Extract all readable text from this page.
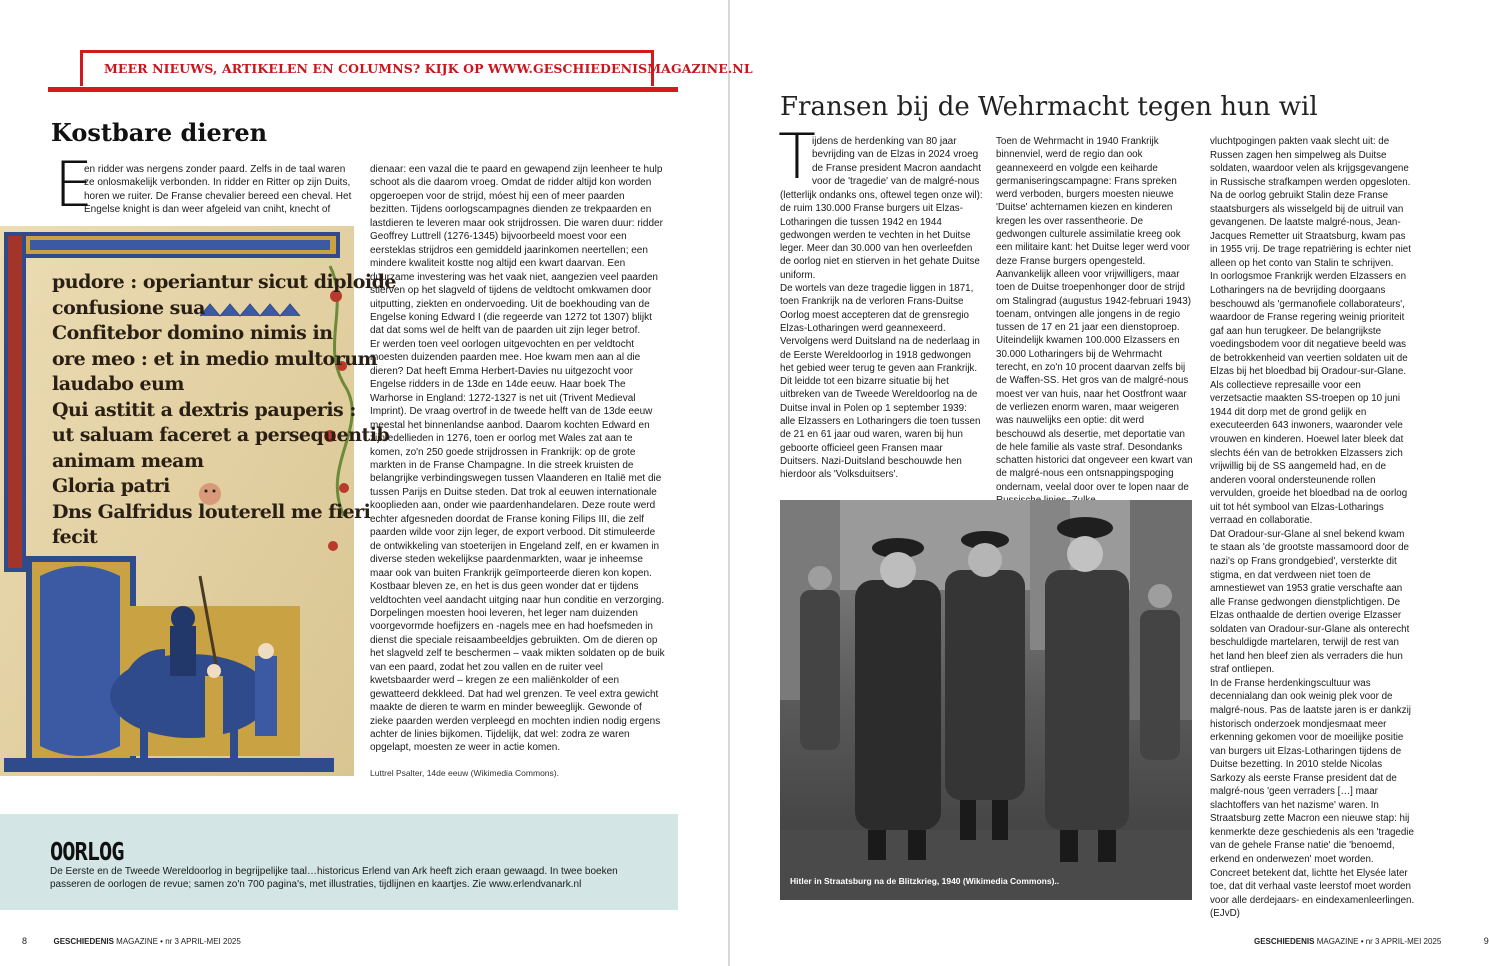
MEER NIEUWS, ARTIKELEN EN COLUMNS? KIJK OP WWW.GESCHIEDENISMAGAZINE.NL
Kostbare dieren
E
en ridder was nergens zonder paard. Zelfs in de taal waren
ze onlosmakelijk verbonden. In ridder en Ritter op zijn Duits,
horen we ruiter. De Franse chevalier bereed een cheval. Het
Engelse knight is dan weer afgeleid van cniht, knecht of

dienaar: een vazal die te paard en gewapend zijn leenheer te hulp schoot als die daarom vroeg. Omdat de ridder altijd kon worden opgeroepen voor de strijd, móest hij een of meer paarden bezitten. Tijdens oorlogscampagnes dienden ze trekpaarden en lastdieren te leveren maar ook strijdrossen. Die waren duur: ridder Geoffrey Luttrell (1276-1345) bijvoorbeeld moest voor een eersteklas strijdros een gemiddeld jaarinkomen neertellen; een mindere kwaliteit kostte nog altijd een kwart daarvan. Een duurzame investering was het vaak niet, aangezien veel paarden stierven op het slagveld of tijdens de veldtocht omkwamen door uitputting, ziekten en ondervoeding. Uit de boekhouding van de Engelse koning Edward I (die regeerde van 1272 tot 1307) blijkt dat dat soms wel de helft van de paarden uit zijn leger betrof.

Er werden toen veel oorlogen uitgevochten en per veldtocht moesten duizenden paarden mee. Hoe kwam men aan al die dieren? Dat heeft Emma Herbert-Davies nu uitgezocht voor Engelse ridders in de 13de en 14de eeuw. Haar boek The Warhorse in England: 1272-1327 is net uit (Trivent Medieval Imprint). De vraag overtrof in de tweede helft van de 13de eeuw meestal het binnenlandse aanbod. Daarom kochten Edward en zijn edellieden in 1276, toen er oorlog met Wales zat aan te komen, zo'n 250 goede strijdrossen in Frankrijk: op de grote markten in de Franse Champagne. In die streek kruisten de belangrijke verbindingswegen tussen Vlaanderen en Italië met die tussen Parijs en Duitse steden. Dat trok al eeuwen internationale kooplieden aan, onder wie paardenhandelaren. Deze route werd echter afgesneden doordat de Franse koning Filips III, die zelf paarden wilde voor zijn leger, de export verbood. Dit stimuleerde de ontwikkeling van stoeterijen in Engeland zelf, en er kwamen in diverse steden wekelijkse paardenmarkten, waar je inheemse maar ook van buiten Frankrijk geïmporteerde dieren kon kopen. Kostbaar bleven ze, en het is dus geen wonder dat er tijdens veldtochten veel aandacht uitging naar hun conditie en verzorging. Dorpelingen moesten hooi leveren, het leger nam duizenden voorgevormde hoefijzers en -nagels mee en had hoefsmeden in dienst die speciale reisaambeeldjes gebruikten. Om de dieren op het slagveld zelf te beschermen – vaak mikten soldaten op de buik van een paard, zodat het zou vallen en de ruiter veel kwetsbaarder werd – kregen ze een maliënkolder of een gewatteerd dekkleed. Dat had wel grenzen. Te veel extra gewicht maakte de dieren te warm en minder beweeglijk. Gewonde of zieke paarden werden verpleegd en mochten indien nodig ergens achter de linies bijkomen. Tijdelijk, dat wel: zodra ze waren opgelapt, moesten ze weer in actie komen.

pudore : operiantur sicut diploide
confusione sua
Confitebor domino nimis in
ore meo : et in medio multorum
laudabo eum
Qui astitit a dextris pauperis :
ut saluam faceret a persequentib
animam meam
Gloria patri
Dns Galfridus louterell me fieri
fecit
Luttrel Psalter, 14de eeuw (Wikimedia Commons).
OORLOG
De Eerste en de Tweede Wereldoorlog in begrijpelijke taal…historicus Erlend van Ark heeft zich eraan gewaagd. In twee boeken
passeren de oorlogen de revue; samen zo'n 700 pagina's, met illustraties, tijdlijnen en kaartjes. Zie www.erlendvanark.nl
8	GESCHIEDENIS MAGAZINE • nr 3 APRIL-MEI 2025
Fransen bij de Wehrmacht tegen hun wil
T
ijdens de herdenking van 80 jaar
bevrijding van de Elzas in 2024 vroeg
de Franse president Macron aandacht
voor de 'tragedie' van de malgré-nous

(letterlijk ondanks ons, oftewel tegen onze wil): de ruim 130.000 Franse burgers uit Elzas-Lotharingen die tussen 1942 en 1944 gedwongen werden te vechten in het Duitse leger. Meer dan 30.000 van hen overleefden de oorlog niet en stierven in het gehate Duitse uniform.

De wortels van deze tragedie liggen in 1871, toen Frankrijk na de verloren Frans-Duitse Oorlog moest accepteren dat de grensregio Elzas-Lotharingen werd geannexeerd. Vervolgens werd Duitsland na de nederlaag in de Eerste Wereldoorlog in 1918 gedwongen het gebied weer terug te geven aan Frankrijk. Dit leidde tot een bizarre situatie bij het uitbreken van de Tweede Wereldoorlog na de Duitse inval in Polen op 1 september 1939: alle Elzassers en Lotharingers die toen tussen de 21 en 61 jaar oud waren, waren bij hun geboorte officieel geen Fransen maar Duitsers. Nazi-Duitsland beschouwde hen hierdoor als 'Volksduitsers'.

Toen de Wehrmacht in 1940 Frankrijk binnenviel, werd de regio dan ook geannexeerd en volgde een keiharde germaniseringscampagne: Frans spreken werd verboden, burgers moesten nieuwe 'Duitse' achternamen kiezen en kinderen kregen les over rassentheorie. De gedwongen culturele assimilatie kreeg ook een militaire kant: het Duitse leger werd voor deze Franse burgers opengesteld. Aanvankelijk alleen voor vrijwilligers, maar toen de Duitse troepenhonger door de strijd om Stalingrad (augustus 1942-februari 1943) toenam, ontvingen alle jongens in de regio tussen de 17 en 21 jaar een dienstoproep. Uiteindelijk kwamen 100.000 Elzassers en 30.000 Lotharingers bij de Wehrmacht terecht, en zo'n 10 procent daarvan zelfs bij de Waffen-SS. Het gros van de malgré-nous moest ver van huis, naar het Oostfront waar de verliezen enorm waren, maar weigeren was nauwelijks een optie: dit werd beschouwd als desertie, met deportatie van de hele familie als vaste straf. Desondanks schatten historici dat ongeveer een kwart van de malgré-nous een ontsnappingspoging ondernam, veelal door over te lopen naar de

vluchtpogingen pakten vaak slecht uit: de Russen zagen hen simpelweg als Duitse soldaten, waardoor velen als krijgsgevangene in Russische strafkampen werden opgesloten. Na de oorlog gebruikt Stalin deze Franse staatsburgers als wisselgeld bij de uitruil van gevangenen. De laatste malgré-nous, Jean-Jacques Remetter uit Straatsburg, kwam pas in 1955 vrij. De trage repatriëring is echter niet alleen op het conto van Stalin te schrijven.

In oorlogsmoe Frankrijk werden Elzassers en Lotharingers na de bevrijding doorgaans beschouwd als 'germanofiele collaborateurs', waardoor de Franse regering weinig prioriteit gaf aan hun terugkeer. De belangrijkste voedingsbodem voor dit negatieve beeld was de betrokkenheid van veertien soldaten uit de Elzas bij het bloedbad bij Oradour-sur-Glane. Als collectieve represaille voor een verzetsactie maakten SS-troepen op 10 juni 1944 dit dorp met de grond gelijk en executeerden 643 inwoners, waaronder vele vrouwen en kinderen. Hoewel later bleek dat slechts één van de betrokken Elzassers zich vrijwillig bij de SS aangemeld had, en de anderen vooral ondersteunende rollen vervulden, groeide het bloedbad na de oorlog uit tot hét symbool van Elzas-Lotharings verraad en collaboratie.

Dat Oradour-sur-Glane al snel bekend kwam te staan als 'de grootste massamoord door de nazi's op Frans grondgebied', versterkte dit stigma, en dat verdween niet toen de amnestiewet van 1953 gratie verschafte aan alle Franse gedwongen dienstplichtigen. De Elzas onthaalde de dertien overige Elzasser soldaten van Oradour-sur-Glane als onterecht beschuldigde martelaren, terwijl de rest van het land hen bleef zien als verraders die hun straf ontliepen.

In de Franse herdenkingscultuur was decennialang dan ook weinig plek voor de malgré-nous. Pas de laatste jaren is er dankzij historisch onderzoek mondjesmaat meer erkenning gekomen voor de moeilijke positie van burgers uit Elzas-Lotharingen tijdens de Duitse bezetting. In 2010 stelde Nicolas Sarkozy als eerste Franse president dat de malgré-nous 'geen verraders […] maar slachtoffers van het nazisme' waren. In Straatsburg zette Macron een nieuwe stap: hij kenmerkte deze geschiedenis als een 'tragedie van de gehele Franse natie' die 'benoemd, erkend en onderwezen' moet worden. Concreet betekent dat, lichtte het Elysée later toe, dat dit verhaal vaste leerstof moet worden voor alle derdejaars- en eindexamenleerlingen. (EJvD)

Hitler in Straatsburg na de Blitzkrieg, 1940 (Wikimedia Commons)..
GESCHIEDENIS MAGAZINE • nr 3 APRIL-MEI 2025	9
